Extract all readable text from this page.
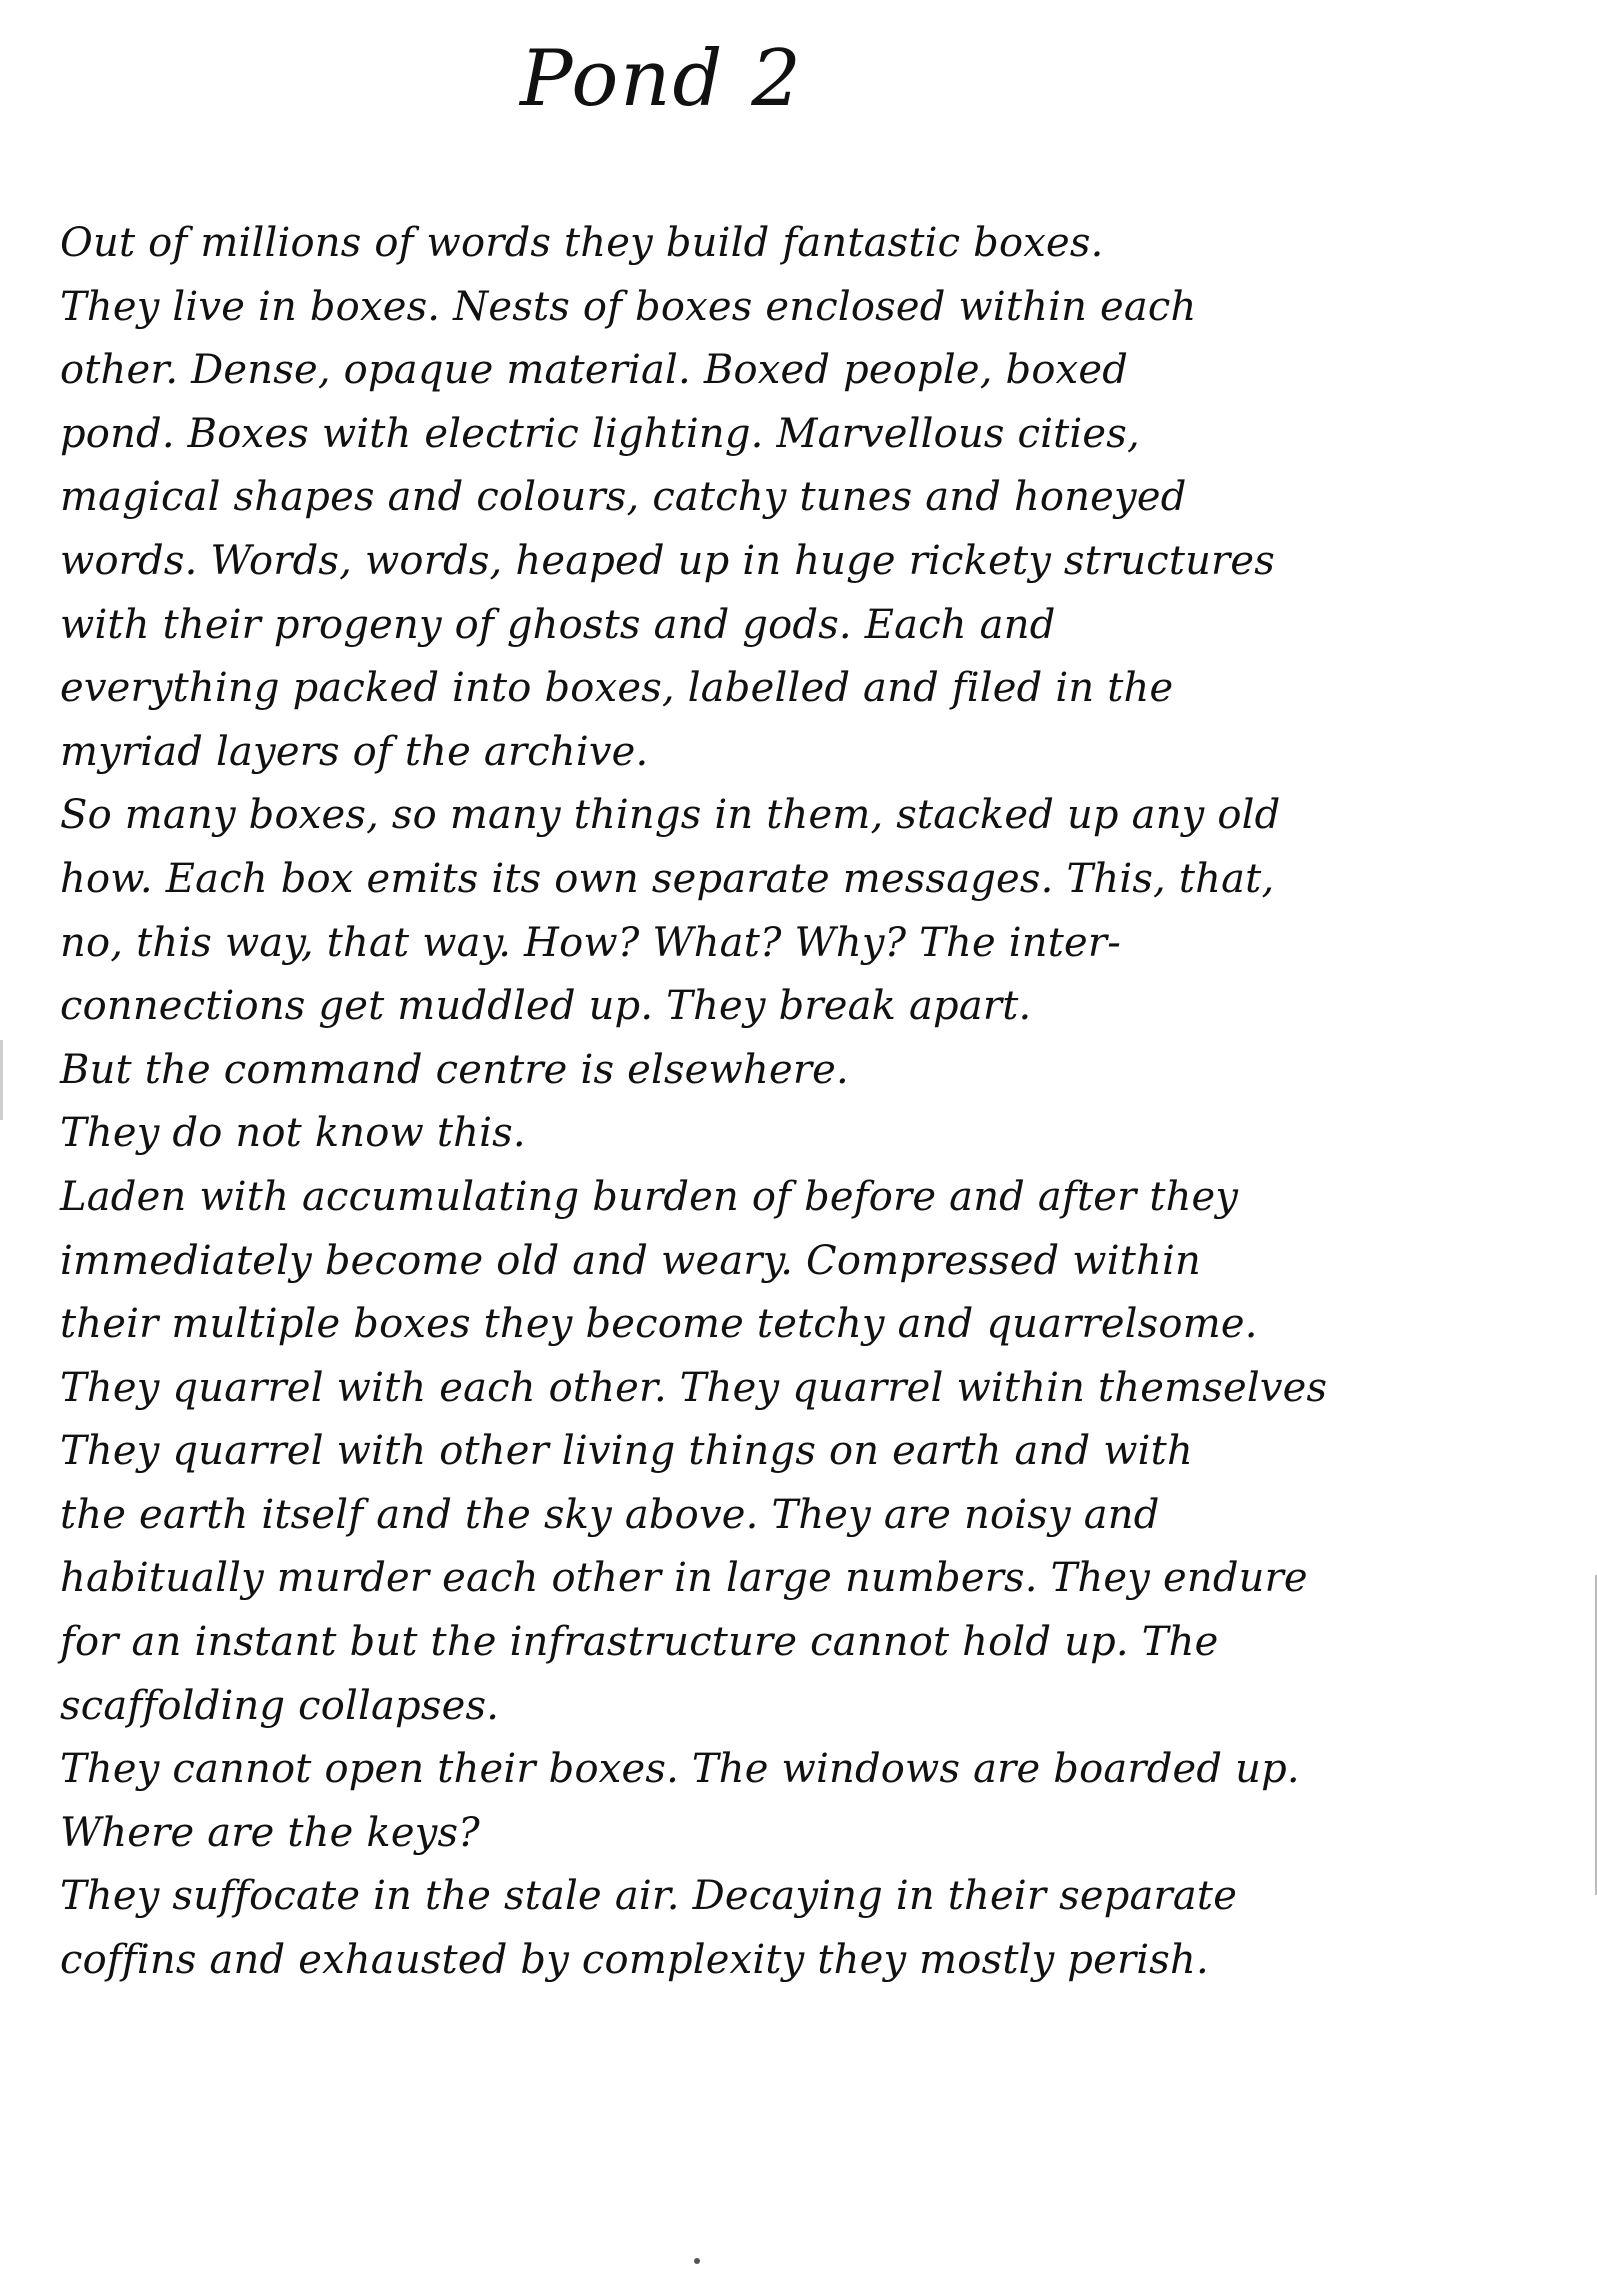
Pond 2
Out of millions of words they build fantastic boxes.
They live in boxes. Nests of boxes enclosed within each
other. Dense, opaque material. Boxed people, boxed
pond. Boxes with electric lighting. Marvellous cities,
magical shapes and colours, catchy tunes and honeyed
words. Words, words, heaped up in huge rickety structures
with their progeny of ghosts and gods. Each and
everything packed into boxes, labelled and filed in the
myriad layers of the archive.
So many boxes, so many things in them, stacked up any old
how. Each box emits its own separate messages. This, that,
no, this way, that way. How? What? Why? The inter-
connections get muddled up. They break apart.
But the command centre is elsewhere.
They do not know this.
Laden with accumulating burden of before and after they
immediately become old and weary. Compressed within
their multiple boxes they become tetchy and quarrelsome.
They quarrel with each other. They quarrel within themselves
They quarrel with other living things on earth and with
the earth itself and the sky above. They are noisy and
habitually murder each other in large numbers. They endure
for an instant but the infrastructure cannot hold up. The
scaffolding collapses.
They cannot open their boxes. The windows are boarded up.
Where are the keys?
They suffocate in the stale air. Decaying in their separate
coffins and exhausted by complexity they mostly perish.
